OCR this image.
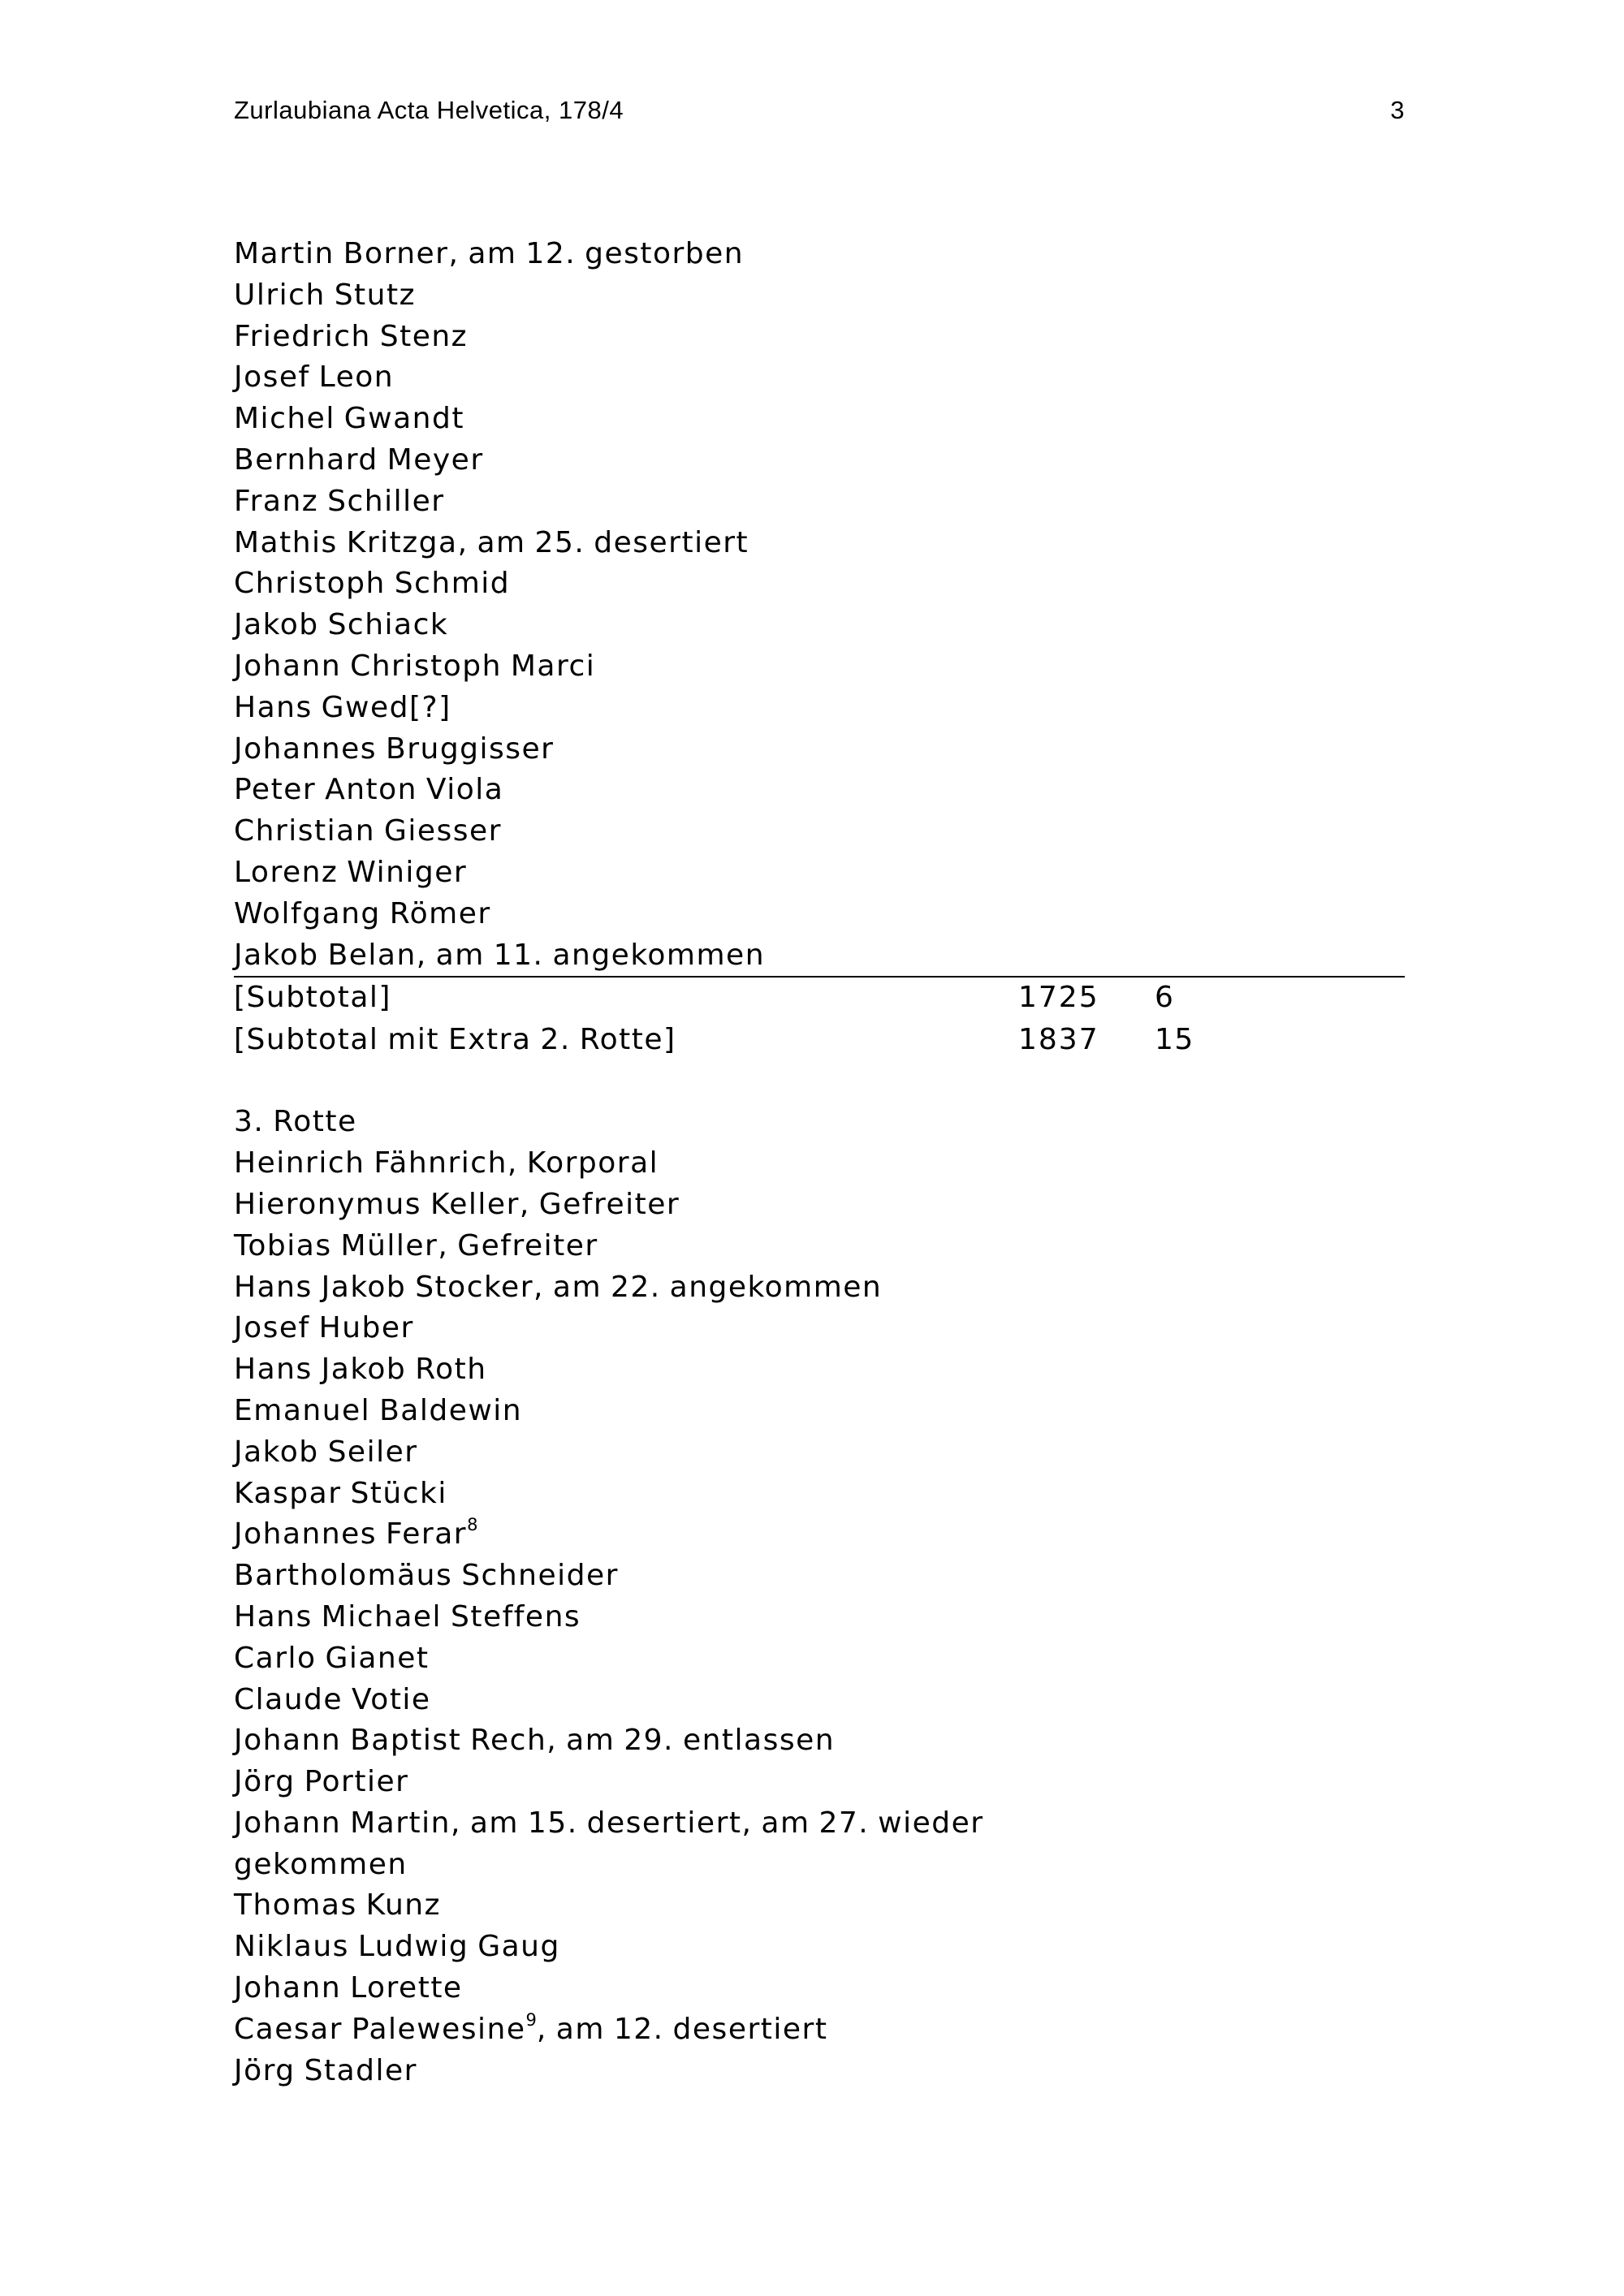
Zurlaubiana Acta Helvetica, 178/4	3
Martin Borner, am 12. gestorben
Ulrich Stutz
Friedrich Stenz
Josef Leon
Michel Gwandt
Bernhard Meyer
Franz Schiller
Mathis Kritzga, am 25. desertiert
Christoph Schmid
Jakob Schiack
Johann Christoph Marci
Hans Gwed[?]
Johannes Bruggisser
Peter Anton Viola
Christian Giesser
Lorenz Winiger
Wolfgang Römer
Jakob Belan, am 11. angekommen
[Subtotal]	1725 6
[Subtotal mit Extra 2. Rotte]	1837 15
3. Rotte
Heinrich Fähnrich, Korporal
Hieronymus Keller, Gefreiter
Tobias Müller, Gefreiter
Hans Jakob Stocker, am 22. angekommen
Josef Huber
Hans Jakob Roth
Emanuel Baldewin
Jakob Seiler
Kaspar Stücki
Johannes Ferar$^8$
Bartholomäus Schneider
Hans Michael Steffens
Carlo Gianet
Claude Votie
Johann Baptist Rech, am 29. entlassen
Jörg Portier
Johann Martin, am 15. desertiert, am 27. wieder
gekommen
Thomas Kunz
Niklaus Ludwig Gaug
Johann Lorette
Caesar Palewesine$^9$, am 12. desertiert
Jörg Stadler
